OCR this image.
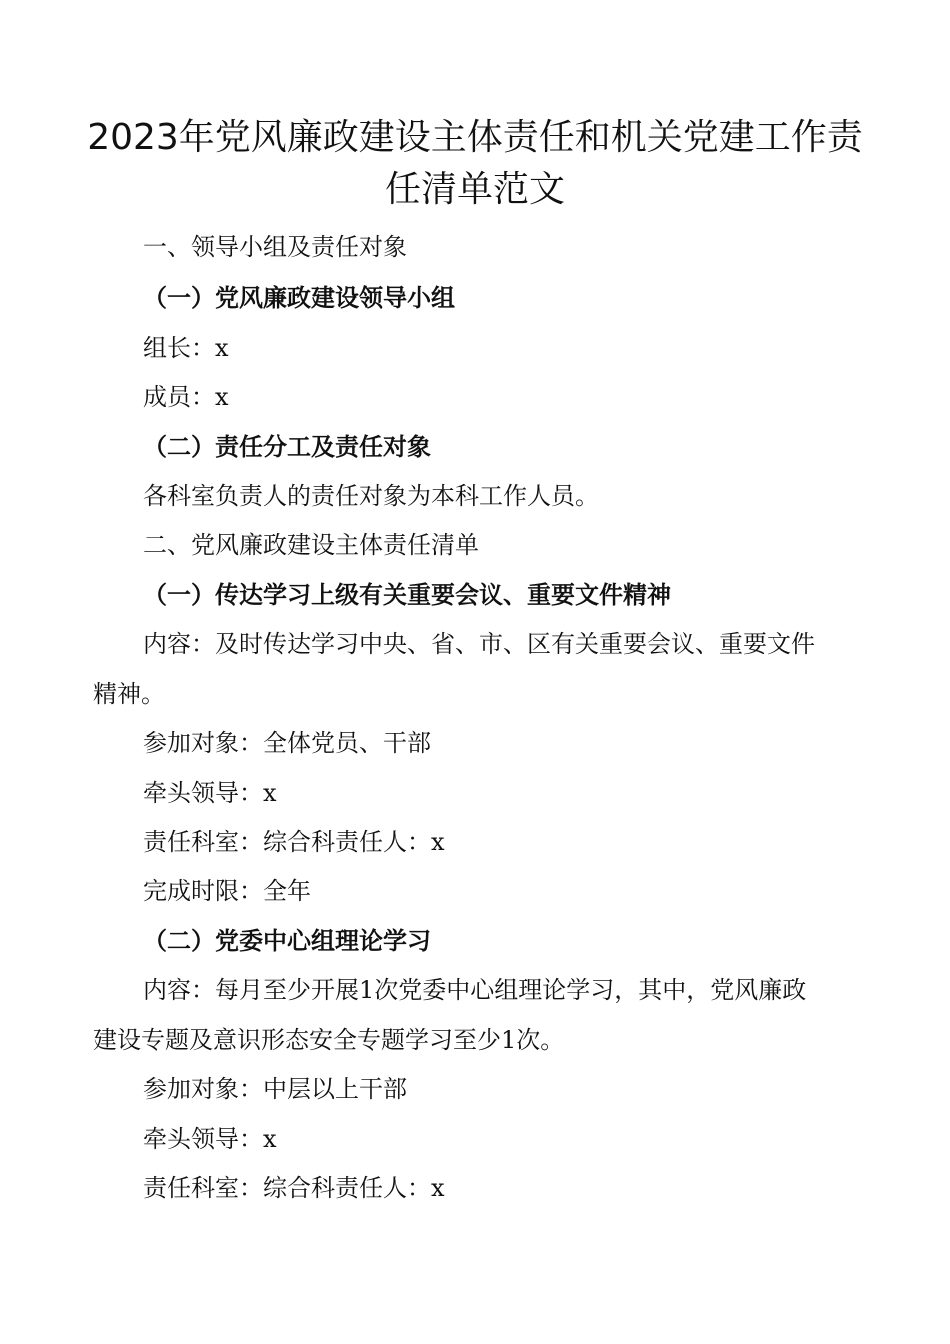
2023年党风廉政建设主体责任和机关党建工作责
任清单范文

一、领导小组及责任对象

（一）党风廉政建设领导小组

组长：x

成员：x

（二）责任分工及责任对象

各科室负责人的责任对象为本科工作人员。

二、党风廉政建设主体责任清单

（一）传达学习上级有关重要会议、重要文件精神

内容：及时传达学习中央、省、市、区有关重要会议、重要文件

精神。

参加对象：全体党员、干部

牵头领导：x

责任科室：综合科责任人：x

完成时限：全年

（二）党委中心组理论学习

内容：每月至少开展1次党委中心组理论学习，其中，党风廉政

建设专题及意识形态安全专题学习至少1次。

参加对象：中层以上干部

牵头领导：x

责任科室：综合科责任人：x
